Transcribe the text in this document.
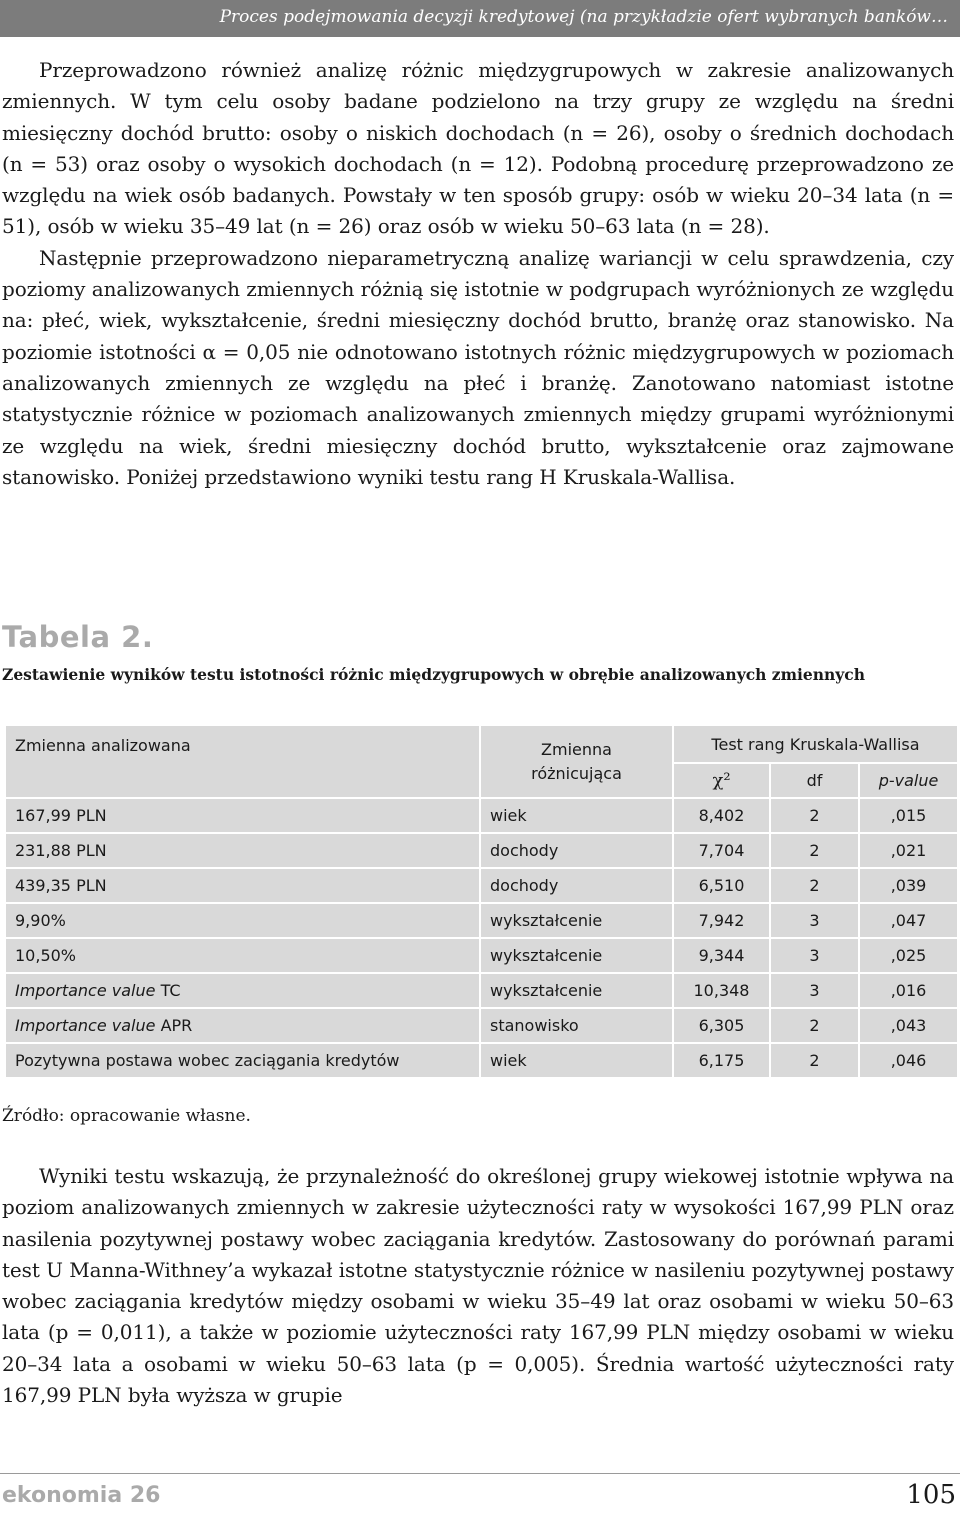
Proces podejmowania decyzji kredytowej (na przykładzie ofert wybranych banków…

Przeprowadzono również analizę różnic międzygrupowych w zakresie analizowanych zmiennych. W tym celu osoby badane podzielono na trzy grupy ze względu na średni miesięczny dochód brutto: osoby o niskich dochodach (n = 26), osoby o średnich dochodach (n = 53) oraz osoby o wysokich dochodach (n = 12). Podobną procedurę przeprowadzono ze względu na wiek osób badanych. Powstały w ten sposób grupy: osób w wieku 20–34 lata (n = 51), osób w wieku 35–49 lat (n = 26) oraz osób w wieku 50–63 lata (n = 28).

Następnie przeprowadzono nieparametryczną analizę wariancji w celu sprawdzenia, czy poziomy analizowanych zmiennych różnią się istotnie w podgrupach wyróżnionych ze względu na: płeć, wiek, wykształcenie, średni miesięczny dochód brutto, branżę oraz stanowisko. Na poziomie istotności α = 0,05 nie odnotowano istotnych różnic międzygrupowych w poziomach analizowanych zmiennych ze względu na płeć i branżę. Zanotowano natomiast istotne statystycznie różnice w poziomach analizowanych zmiennych między grupami wyróżnionymi ze względu na wiek, średni miesięczny dochód brutto, wykształcenie oraz zajmowane stanowisko. Poniżej przedstawiono wyniki testu rang H Kruskala-Wallisa.

Tabela 2.
Zestawienie wyników testu istotności różnic międzygrupowych w obrębie analizowanych zmiennych
Zmienna analizowana	Zmienna różnicująca	Test rang Kruskala-Wallisa		
		χ²	df	p-value
167,99 PLN	wiek	8,402	2	,015
231,88 PLN	dochody	7,704	2	,021
439,35 PLN	dochody	6,510	2	,039
9,90%	wykształcenie	7,942	3	,047
10,50%	wykształcenie	9,344	3	,025
Importance value TC	wykształcenie	10,348	3	,016
Importance value APR	stanowisko	6,305	2	,043
Pozytywna postawa wobec zaciągania kredytów	wiek	6,175	2	,046
Źródło: opracowanie własne.

Wyniki testu wskazują, że przynależność do określonej grupy wiekowej istotnie wpływa na poziom analizowanych zmiennych w zakresie użyteczności raty w wysokości 167,99 PLN oraz nasilenia pozytywnej postawy wobec zaciągania kredytów. Zastosowany do porównań parami test U Manna-Withney’a wykazał istotne statystycznie różnice w nasileniu pozytywnej postawy wobec zaciągania kredytów między osobami w wieku 35–49 lat oraz osobami w wieku 50–63 lata (p = 0,011), a także w poziomie użyteczności raty 167,99 PLN między osobami w wieku 20–34 lata a osobami w wieku 50–63 lata (p = 0,005). Średnia wartość użyteczności raty 167,99 PLN była wyższa w grupie

ekonomia 26	105
